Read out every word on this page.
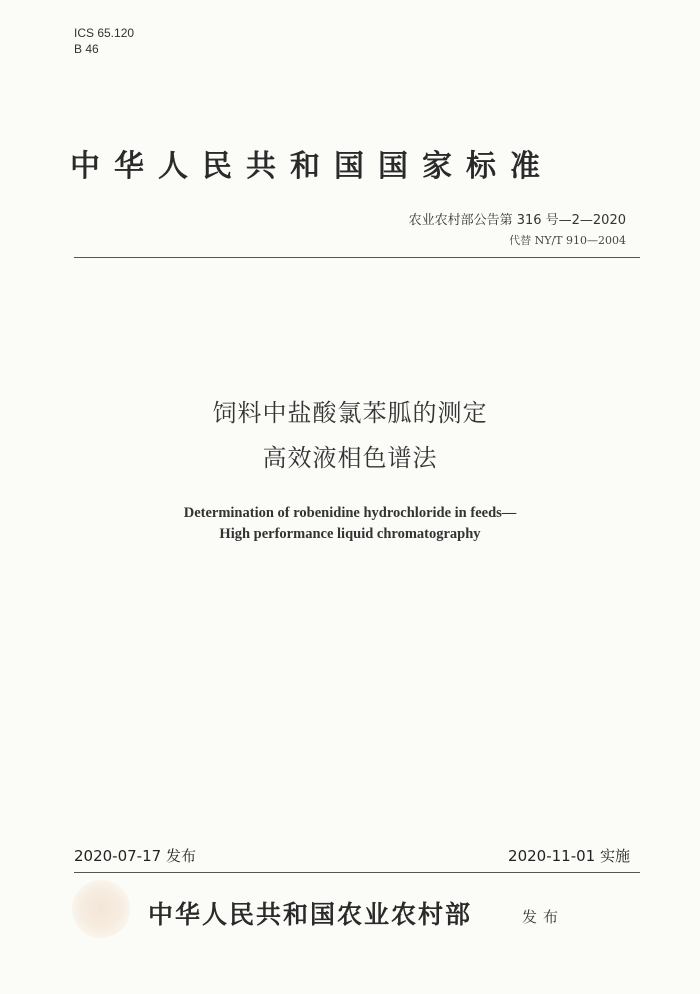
ICS 65.120
B 46
中华人民共和国国家标准
农业农村部公告第 316 号—2—2020
代替 NY/T 910—2004
饲料中盐酸氯苯胍的测定
高效液相色谱法
Determination of robenidine hydrochloride in feeds—
High performance liquid chromatography
2020-07-17 发布	2020-11-01 实施
中华人民共和国农业农村部	发布
